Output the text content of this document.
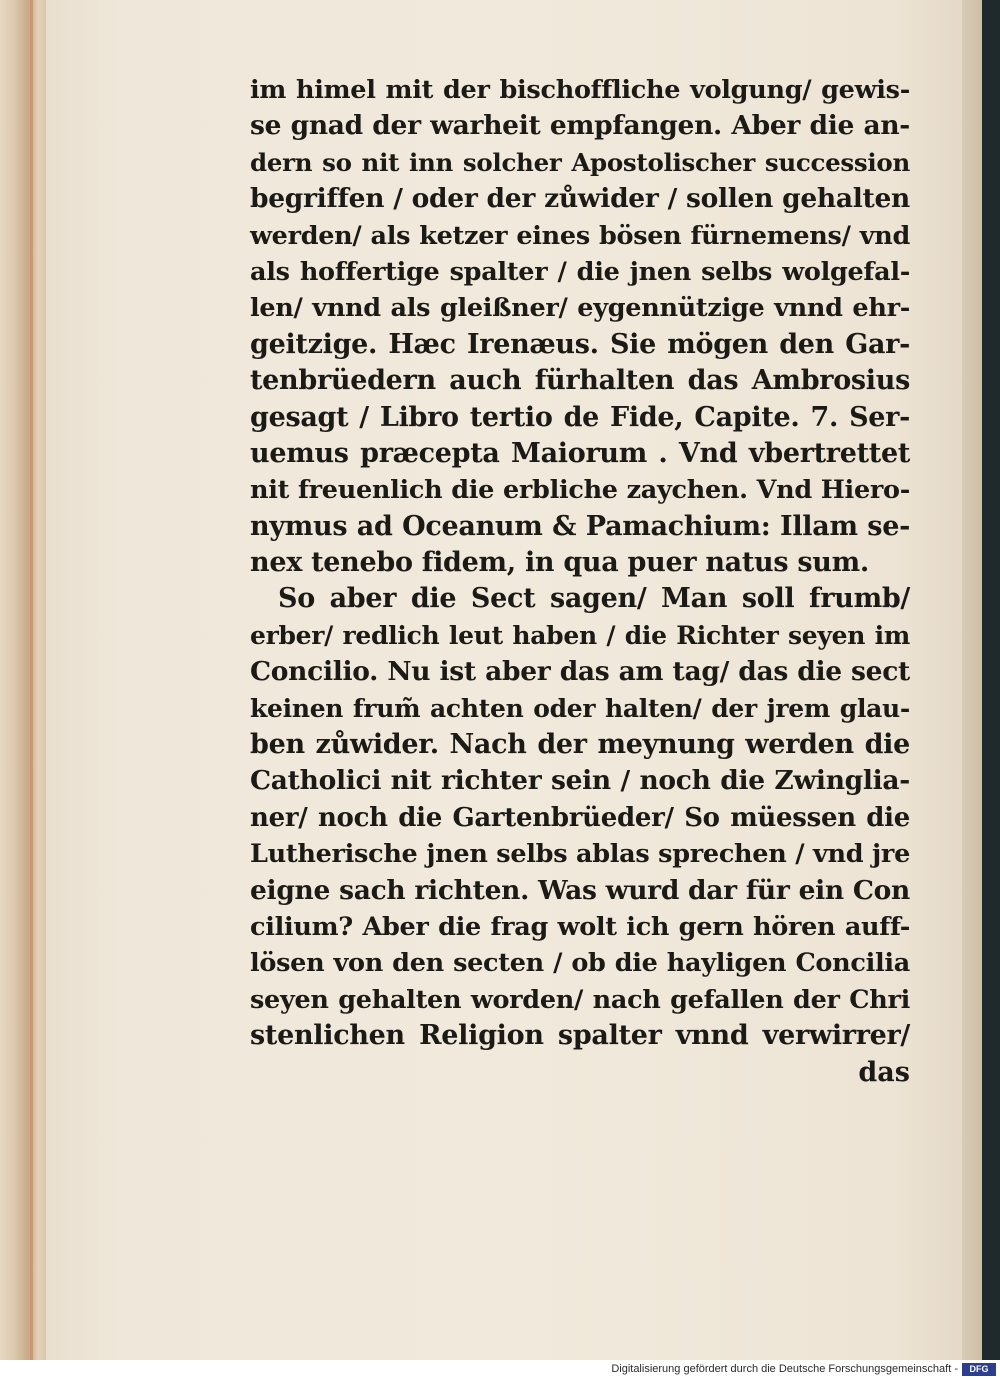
im himel mit der bischoffliche volgung/ gewis-
se gnad der warheit empfangen. Aber die an-
dern so nit inn solcher Apostolischer succession
begriffen / oder der zůwider / sollen gehalten
werden/ als ketzer eines bösen fürnemens/ vnd
als hoffertige spalter / die jnen selbs wolgefal-
len/ vnnd als gleißner/ eygennützige vnnd ehr-
geitzige. Hæc Irenæus. Sie mögen den Gar-
tenbrüedern auch fürhalten das Ambrosius
gesagt / Libro tertio de Fide, Capite. 7. Ser-
uemus præcepta Maiorum . Vnd vbertrettet
nit freuenlich die erbliche zaychen. Vnd Hiero-
nymus ad Oceanum & Pamachium: Illam se-
nex tenebo fidem, in qua puer natus sum.
So aber die Sect sagen/ Man soll frumb/
erber/ redlich leut haben / die Richter seyen im
Concilio. Nu ist aber das am tag/ das die sect
keinen frum̃ achten oder halten/ der jrem glau-
ben zůwider. Nach der meynung werden die
Catholici nit richter sein / noch die Zwinglia-
ner/ noch die Gartenbrüeder/ So müessen die
Lutherische jnen selbs ablas sprechen / vnd jre
eigne sach richten. Was wurd dar für ein Con
cilium? Aber die frag wolt ich gern hören auff-
lösen von den secten / ob die hayligen Concilia
seyen gehalten worden/ nach gefallen der Chri
stenlichen Religion spalter vnnd verwirrer/
das
Digitalisierung gefördert durch die Deutsche Forschungsgemeinschaft -	DFG
